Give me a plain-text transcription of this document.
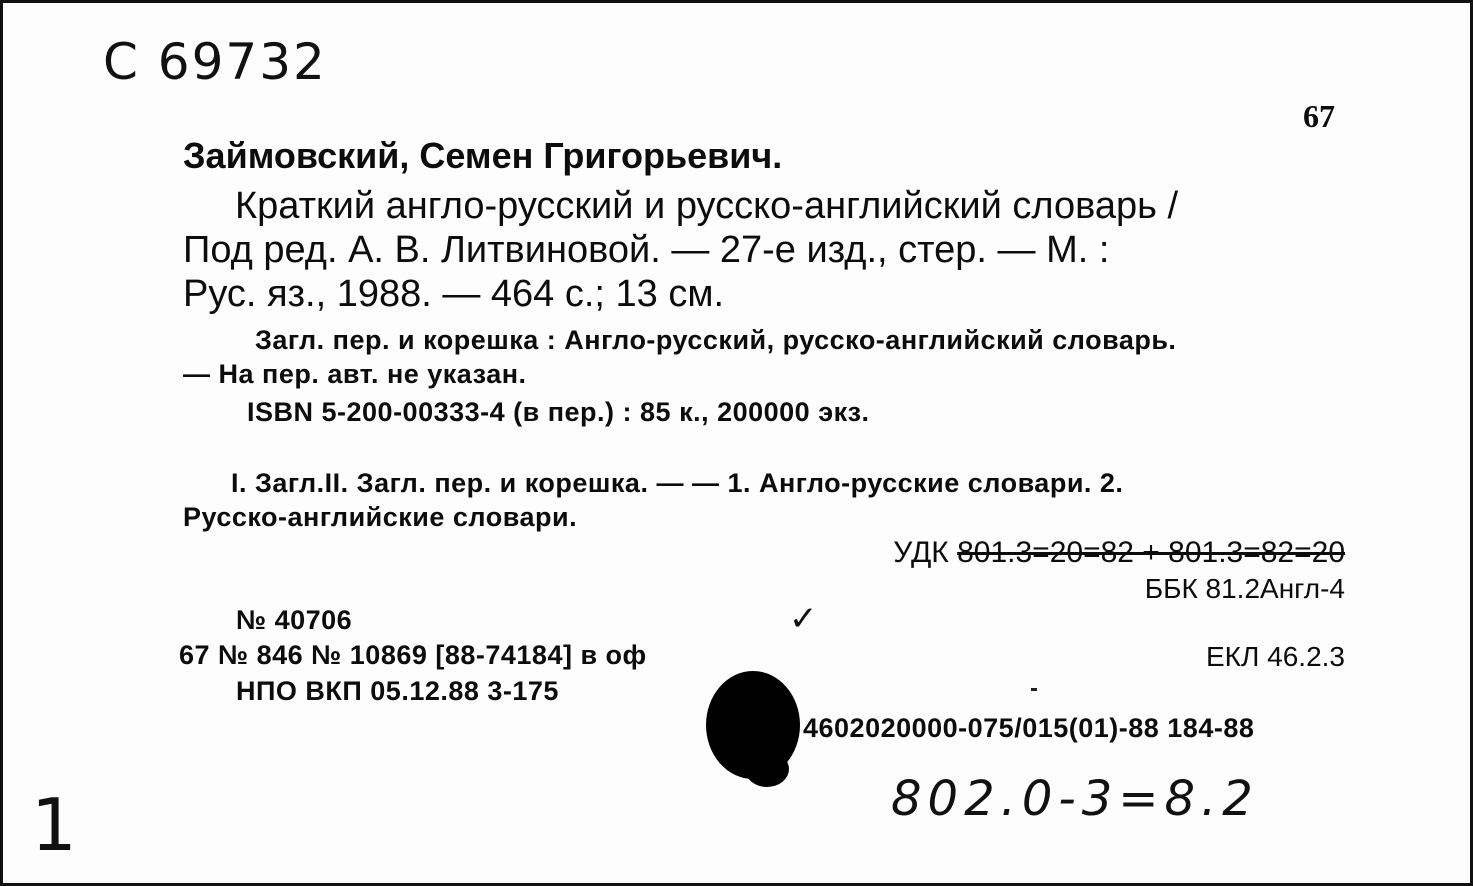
С 69732
67
Займовский, Семен Григорьевич.
Краткий англо-русский и русско-английский словарь /
Под ред. А. В. Литвиновой. — 27-е изд., стер. — М. :
Рус. яз., 1988. — 464 с.; 13 см.
Загл. пер. и корешка : Англо-русский, русско-английский словарь.
— На пер. авт. не указан.
ISBN 5-200-00333-4 (в пер.) : 85 к., 200000 экз.
I. Загл.II. Загл. пер. и корешка. — — 1. Англо-русские словари. 2.
Русско-английские словари.
УДК 801.3=20=82 + 801.3=82=20
ББК 81.2Англ-4
№ 40706
67 № 846 № 10869 [88-74184] в оф	ЕКЛ 46.2.3
НПО ВКП 05.12.88 3-175
4602020000-075/015(01)-88 184-88
802.0-3=8.2
1
✓
